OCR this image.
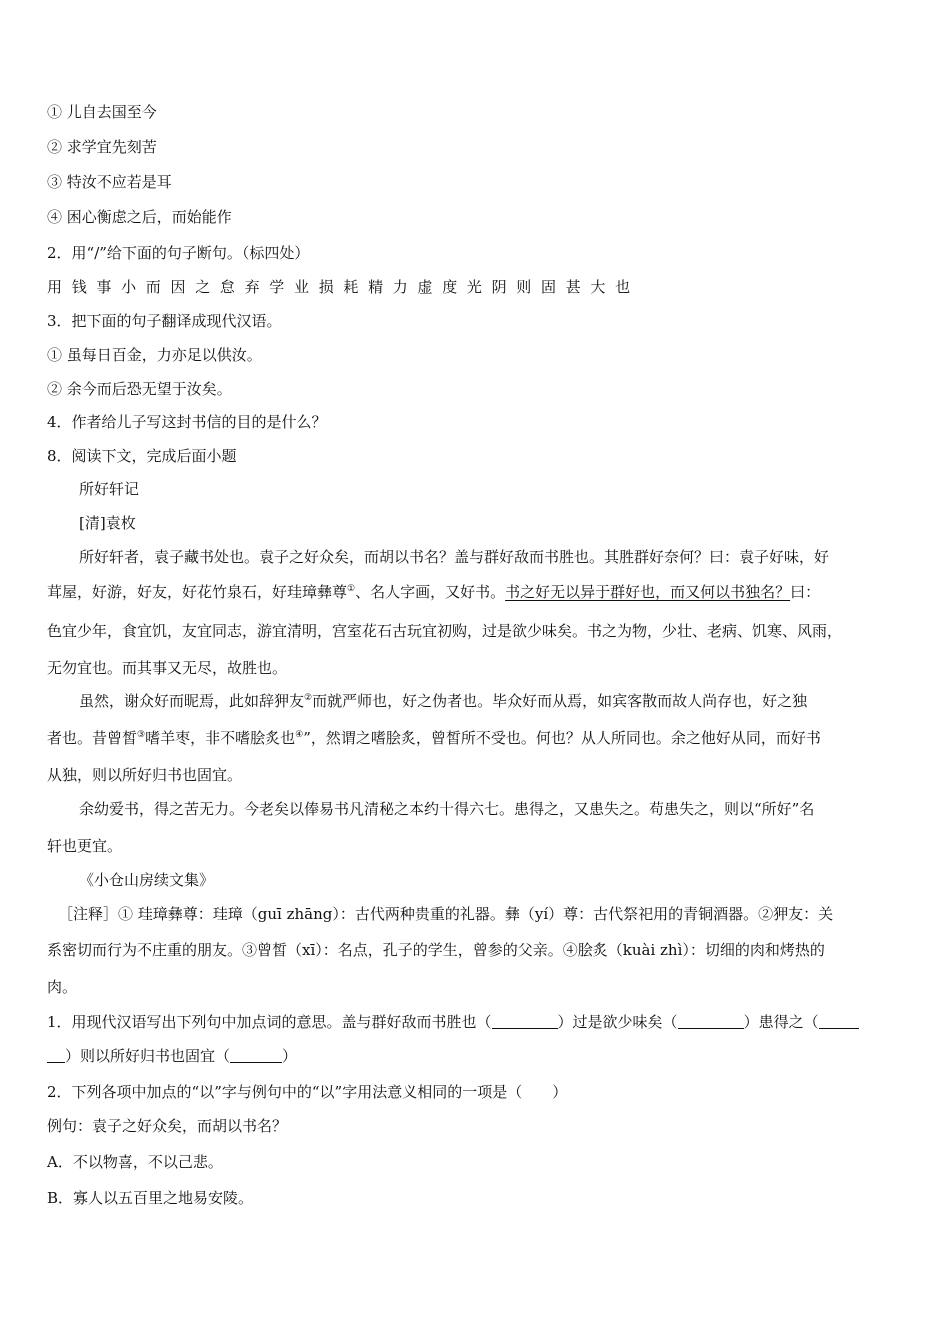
① 儿自去国至今
② 求学宜先刻苦
③ 特汝不应若是耳
④ 困心衡虑之后，而始能作
2．用“/”给下面的句子断句。（标四处）
用钱事小而因之怠弃学业损耗精力虚度光阴则固甚大也
3．把下面的句子翻译成现代汉语。
① 虽每日百金，力亦足以供汝。
② 余今而后恐无望于汝矣。
4．作者给儿子写这封书信的目的是什么？
8．阅读下文，完成后面小题
所好轩记
[清]袁枚
所好轩者，袁子藏书处也。袁子之好众矣，而胡以书名？盖与群好敌而书胜也。其胜群好奈何？曰：袁子好味，好
茸屋，好游，好友，好花竹泉石，好珪璋彝尊①、名人字画，又好书。书之好无以异于群好也，而又何以书独名？曰：
色宜少年，食宜饥，友宜同志，游宜清明，宫室花石古玩宜初购，过是欲少味矣。书之为物，少壮、老病、饥寒、风雨，
无勿宜也。而其事又无尽，故胜也。
虽然，谢众好而昵焉，此如辞狎友②而就严师也，好之伪者也。毕众好而从焉，如宾客散而故人尚存也，好之独
者也。昔曾皙③嗜羊枣，非不嗜脍炙也④”，然谓之嗜脍炙，曾皙所不受也。何也？从人所同也。余之他好从同，而好书
从独，则以所好归书也固宜。
余幼爱书，得之苦无力。今老矣以俸易书凡清秘之本约十得六七。患得之，又患失之。苟患失之，则以“所好”名
轩也更宜。
《小仓山房续文集》
［注释］① 珪璋彝尊：珪璋（guī zhāng）：古代两种贵重的礼器。彝（yí）尊：古代祭祀用的青铜酒器。②狎友：关
系密切而行为不庄重的朋友。③曾皙（xī）：名点，孔子的学生，曾参的父亲。④脍炙（kuài zhì）：切细的肉和烤热的
肉。
1．用现代汉语写出下列句中加点词的意思。盖与群好敌而书胜也（	）过是欲少味矣（	）患得之（
）则以所好归书也固宜（	）
2．下列各项中加点的“以”字与例句中的“以”字用法意义相同的一项是（　　）
例句：袁子之好众矣，而胡以书名？
A．不以物喜，不以己悲。
B．寡人以五百里之地易安陵。
